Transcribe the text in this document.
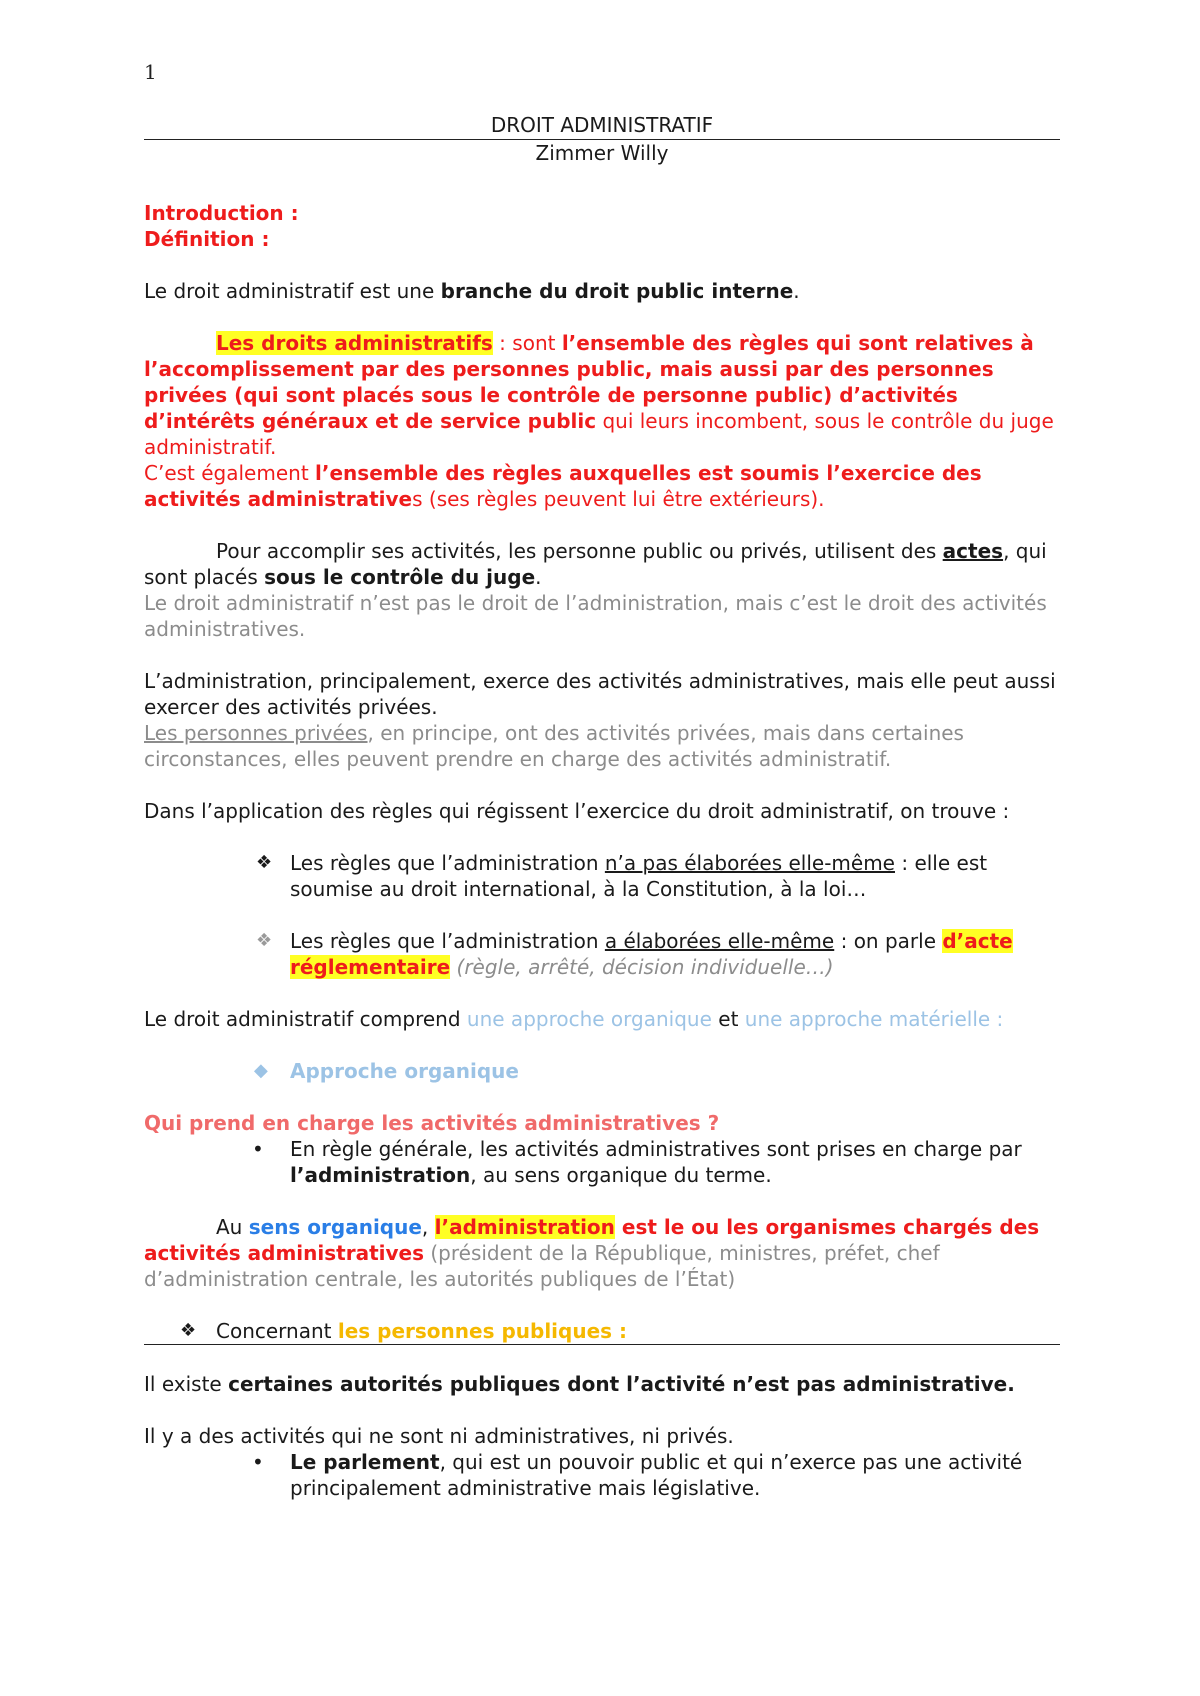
1

DROIT ADMINISTRATIF

Zimmer Willy

Introduction :

Définition :

Le droit administratif est une branche du droit public interne.

Les droits administratifs : sont l’ensemble des règles qui sont relatives à l’accomplissement par des personnes public, mais aussi par des personnes privées (qui sont placés sous le contrôle de personne public) d’activités d’intérêts généraux et de service public qui leurs incombent, sous le contrôle du juge administratif.

C’est également l’ensemble des règles auxquelles est soumis l’exercice des activités administratives (ses règles peuvent lui être extérieurs).

Pour accomplir ses activités, les personne public ou privés, utilisent des actes, qui sont placés sous le contrôle du juge.

Le droit administratif n’est pas le droit de l’administration, mais c’est le droit des activités administratives.

L’administration, principalement, exerce des activités administratives, mais elle peut aussi exercer des activités privées.

Les personnes privées, en principe, ont des activités privées, mais dans certaines circonstances, elles peuvent prendre en charge des activités administratif.

Dans l’application des règles qui régissent l’exercice du droit administratif, on trouve :

❖ Les règles que l’administration n’a pas élaborées elle-même : elle est soumise au droit international, à la Constitution, à la loi…
❖ Les règles que l’administration a élaborées elle-même : on parle d’acte réglementaire (règle, arrêté, décision individuelle…)

Le droit administratif comprend une approche organique et une approche matérielle :

◆ Approche organique

Qui prend en charge les activités administratives ?

• En règle générale, les activités administratives sont prises en charge par l’administration, au sens organique du terme.

Au sens organique, l’administration est le ou les organismes chargés des activités administratives (président de la République, ministres, préfet, chef d’administration centrale, les autorités publiques de l’État)

❖ Concernant les personnes publiques :

Il existe certaines autorités publiques dont l’activité n’est pas administrative.

Il y a des activités qui ne sont ni administratives, ni privés.

• Le parlement, qui est un pouvoir public et qui n’exerce pas une activité principalement administrative mais législative.
